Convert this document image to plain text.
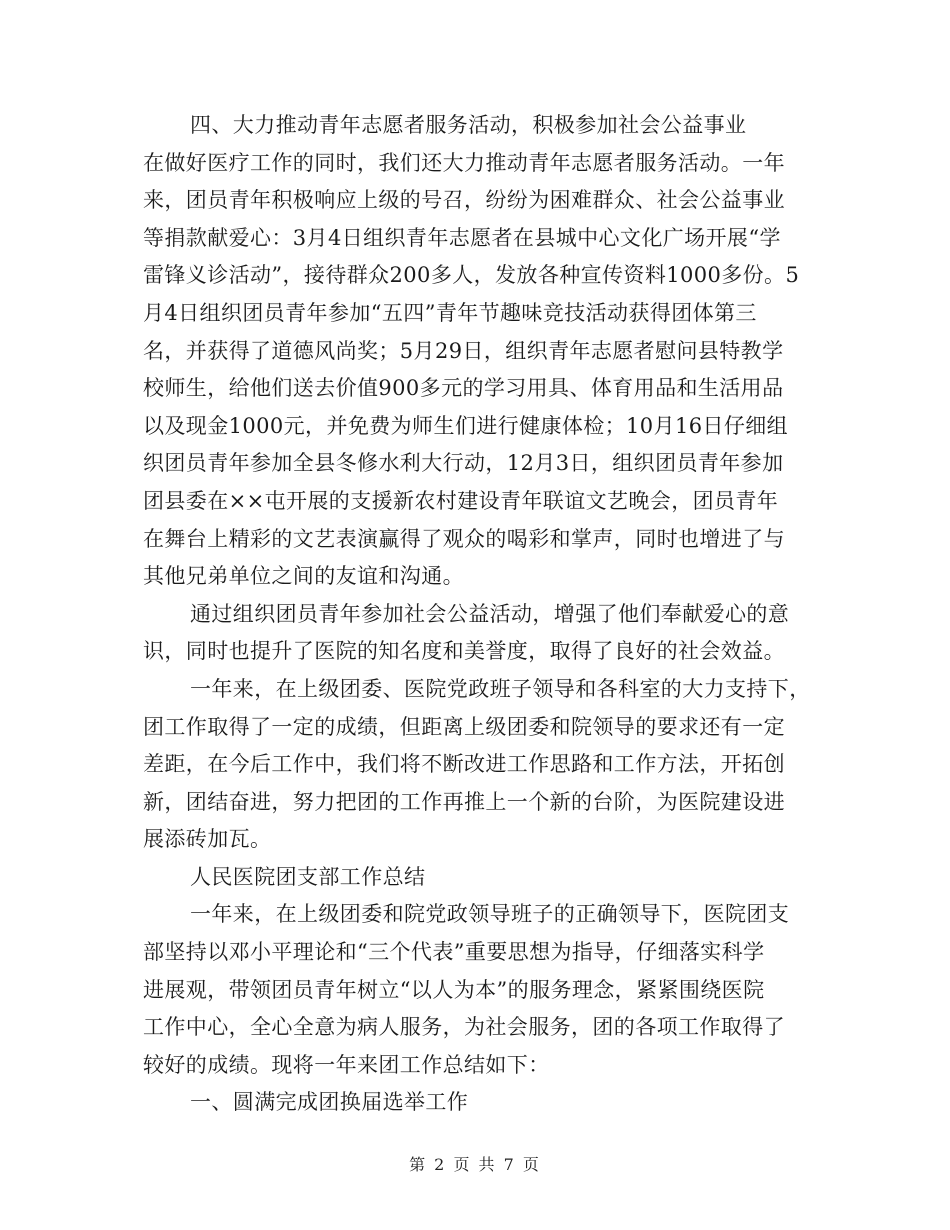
四、大力推动青年志愿者服务活动，积极参加社会公益事业
在做好医疗工作的同时，我们还大力推动青年志愿者服务活动。一年
来，团员青年积极响应上级的号召，纷纷为困难群众、社会公益事业
等捐款献爱心：3月4日组织青年志愿者在县城中心文化广场开展“学
雷锋义诊活动”，接待群众200多人，发放各种宣传资料1000多份。5
月4日组织团员青年参加“五四”青年节趣味竞技活动获得团体第三
名，并获得了道德风尚奖；5月29日，组织青年志愿者慰问县特教学
校师生，给他们送去价值900多元的学习用具、体育用品和生活用品
以及现金1000元，并免费为师生们进行健康体检；10月16日仔细组
织团员青年参加全县冬修水利大行动，12月3日，组织团员青年参加
团县委在××屯开展的支援新农村建设青年联谊文艺晚会，团员青年
在舞台上精彩的文艺表演赢得了观众的喝彩和掌声，同时也增进了与
其他兄弟单位之间的友谊和沟通。
通过组织团员青年参加社会公益活动，增强了他们奉献爱心的意
识，同时也提升了医院的知名度和美誉度，取得了良好的社会效益。
一年来，在上级团委、医院党政班子领导和各科室的大力支持下，
团工作取得了一定的成绩，但距离上级团委和院领导的要求还有一定
差距，在今后工作中，我们将不断改进工作思路和工作方法，开拓创
新，团结奋进，努力把团的工作再推上一个新的台阶，为医院建设进
展添砖加瓦。
人民医院团支部工作总结
一年来，在上级团委和院党政领导班子的正确领导下，医院团支
部坚持以邓小平理论和“三个代表”重要思想为指导，仔细落实科学
进展观，带领团员青年树立“以人为本”的服务理念，紧紧围绕医院
工作中心，全心全意为病人服务，为社会服务，团的各项工作取得了
较好的成绩。现将一年来团工作总结如下：
一、圆满完成团换届选举工作
第 2 页 共 7 页
